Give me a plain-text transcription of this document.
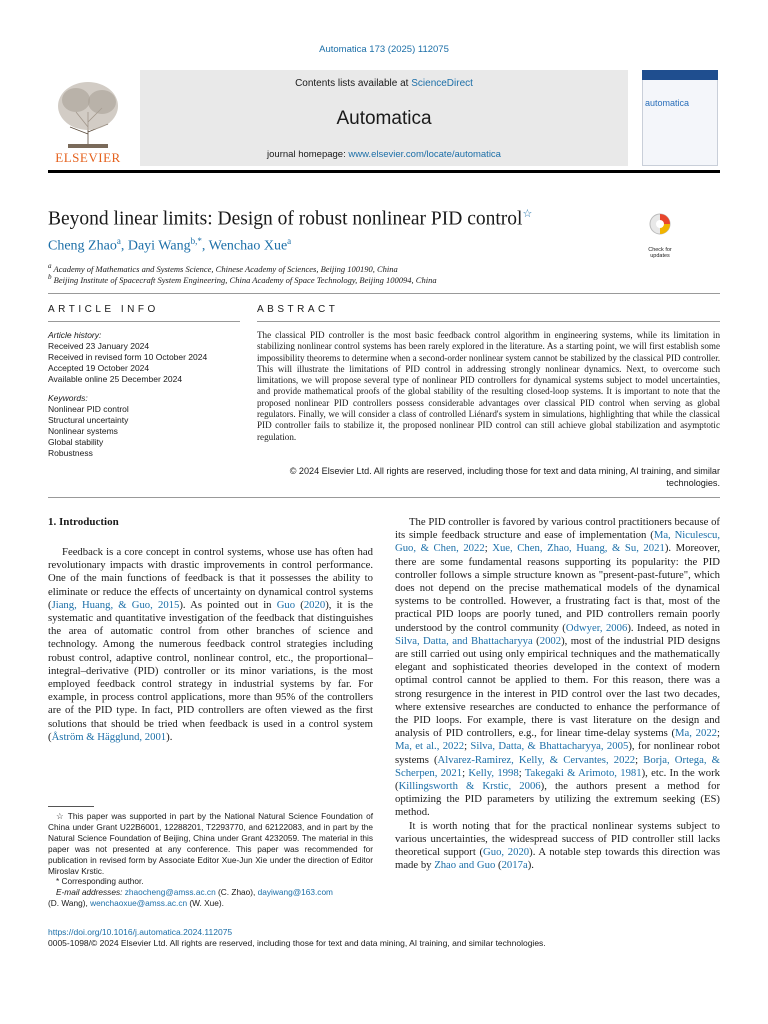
Automatica 173 (2025) 112075
ELSEVIER
Contents lists available at ScienceDirect
Automatica
journal homepage: www.elsevier.com/locate/automatica
automatica
Beyond linear limits: Design of robust nonlinear PID control☆
Cheng Zhao$^a$, Dayi Wang$^{b,*}$, Wenchao Xue$^a$
$^a$ Academy of Mathematics and Systems Science, Chinese Academy of Sciences, Beijing 100190, China
$^b$ Beijing Institute of Spacecraft System Engineering, China Academy of Space Technology, Beijing 100094, China
Check for updates
ARTICLE INFO	ABSTRACT
Article history:
Received 23 January 2024
Received in revised form 10 October 2024
Accepted 19 October 2024
Available online 25 December 2024
Keywords:
Nonlinear PID control
Structural uncertainty
Nonlinear systems
Global stability
Robustness
The classical PID controller is the most basic feedback control algorithm in engineering systems, while its limitation in stabilizing nonlinear control systems has been rarely explored in the literature. As a starting point, we will first establish some impossibility theorems to determine when a second-order nonlinear system cannot be stabilized by the classical PID controller. This will illustrate the limitations of PID control in addressing strongly nonlinear dynamics. Next, to overcome such limitations, we will propose several type of nonlinear PID controllers for dynamical systems subject to model uncertainties, and provide mathematical proofs of the global stability of the resulting closed-loop systems. It is important to note that the proposed nonlinear PID controllers possess considerable advantages over classical PID control when serving as global regulators. Finally, we will consider a class of controlled Liénard's system in simulations, highlighting that while the classical PID controller fails to stabilize it, the proposed nonlinear PID control can still achieve global stabilization and asymptotic regulation.
© 2024 Elsevier Ltd. All rights are reserved, including those for text and data mining, AI training, and similar technologies.
1. Introduction

Feedback is a core concept in control systems, whose use has often had revolutionary impacts with drastic improvements in control performance. One of the main functions of feedback is that it possesses the ability to eliminate or reduce the effects of uncertainty on dynamical control systems (Jiang, Huang, & Guo, 2015). As pointed out in Guo (2020), it is the systematic and quantitative investigation of the feedback that distinguishes the area of automatic control from other branches of science and technology. Among the numerous feedback control strategies including robust control, adaptive control, nonlinear control, etc., the proportional–integral–derivative (PID) controller or its minor variations, is the most employed feedback control strategy in industrial systems by far. For example, in process control applications, more than 95% of the controllers are of the PID type. In fact, PID controllers are often viewed as the first solutions that should be tried when feedback is used in a control system (Åström & Hägglund, 2001).

The PID controller is favored by various control practitioners because of its simple feedback structure and ease of implementation (Ma, Niculescu, Guo, & Chen, 2022; Xue, Chen, Zhao, Huang, & Su, 2021). Moreover, there are some fundamental reasons supporting its popularity: the PID controller follows a simple structure known as "present-past-future", which does not depend on the precise mathematical models of the dynamical systems to be controlled. However, a frustrating fact is that, most of the practical PID loops are poorly tuned, and PID controllers remain poorly understood by the control community (Odwyer, 2006). Indeed, as noted in Silva, Datta, and Bhattacharyya (2002), most of the industrial PID designs are still carried out using only empirical techniques and the mathematically elegant and sophisticated theories developed in the context of modern optimal control cannot be applied to them. For this reason, there was a strong resurgence in the interest in PID control over the last two decades, where extensive researches are conducted to enhance the performance of the PID loops. For example, there is vast literature on the design and analysis of PID controllers, e.g., for linear time-delay systems (Ma, 2022; Ma, et al., 2022; Silva, Datta, & Bhattacharyya, 2005), for nonlinear robot systems (Alvarez-Ramirez, Kelly, & Cervantes, 2022; Borja, Ortega, & Scherpen, 2021; Kelly, 1998; Takegaki & Arimoto, 1981), etc. In the work (Killingsworth & Krstic, 2006), the authors present a method for optimizing the PID parameters by utilizing the extremum seeking (ES) method.

It is worth noting that for the practical nonlinear systems subject to various uncertainties, the widespread success of PID controller still lacks theoretical support (Guo, 2020). A notable step towards this direction was made by Zhao and Guo (2017a).

☆ This paper was supported in part by the National Natural Science Foundation of China under Grant U22B6001, 12288201, T2293770, and 62122083, and in part by the Natural Science Foundation of Beijing, China under Grant 4232059. The material in this paper was not presented at any conference. This paper was recommended for publication in revised form by Associate Editor Xue-Jun Xie under the direction of Editor Miroslav Krstic.

* Corresponding author.

E-mail addresses: zhaocheng@amss.ac.cn (C. Zhao), dayiwang@163.com
(D. Wang), wenchaoxue@amss.ac.cn (W. Xue).

https://doi.org/10.1016/j.automatica.2024.112075
0005-1098/© 2024 Elsevier Ltd. All rights are reserved, including those for text and data mining, AI training, and similar technologies.
